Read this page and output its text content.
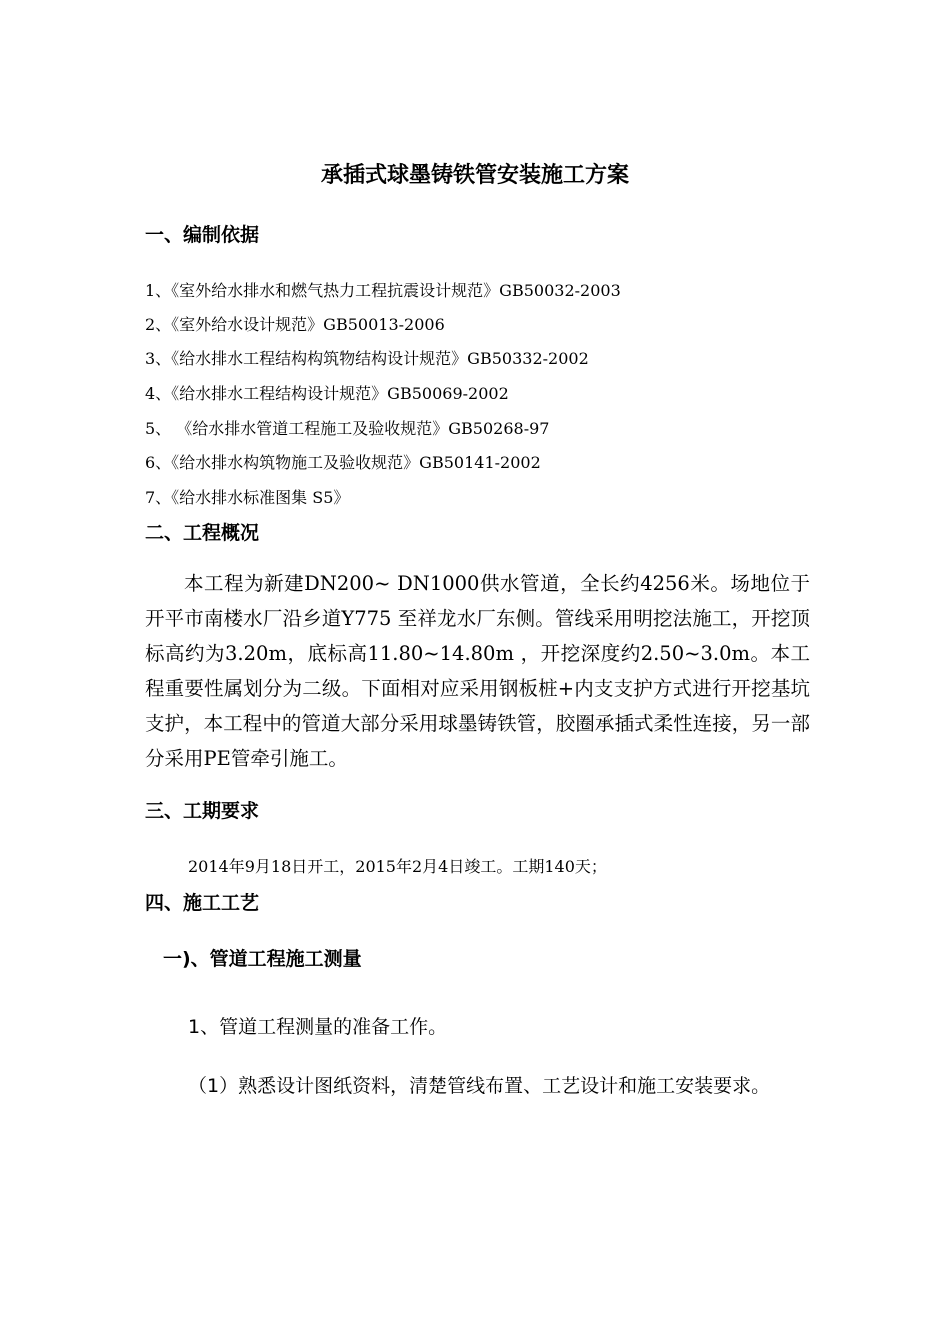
承插式球墨铸铁管安装施工方案
一、编制依据
1、《室外给水排水和燃气热力工程抗震设计规范》GB50032-2003
2、《室外给水设计规范》GB50013-2006
3、《给水排水工程结构构筑物结构设计规范》GB50332-2002
4、《给水排水工程结构设计规范》GB50069-2002
5、 《给水排水管道工程施工及验收规范》GB50268-97
6、《给水排水构筑物施工及验收规范》GB50141-2002
7、《给水排水标准图集 S5》
二、工程概况

本工程为新建DN200~ DN1000供水管道，全长约4256米。场地位于开平市南楼水厂沿乡道Y775 至祥龙水厂东侧。管线采用明挖法施工，开挖顶标高约为3.20m，底标高11.80~14.80m ，开挖深度约2.50~3.0m。本工程重要性属划分为二级。下面相对应采用钢板桩+内支支护方式进行开挖基坑支护，本工程中的管道大部分采用球墨铸铁管，胶圈承插式柔性连接，另一部分采用PE管牵引施工。

三、工期要求
2014年9月18日开工，2015年2月4日竣工。工期140天；
四、施工工艺
一)、管道工程施工测量
1、管道工程测量的准备工作。

（1）熟悉设计图纸资料，清楚管线布置、工艺设计和施工安装要求。
